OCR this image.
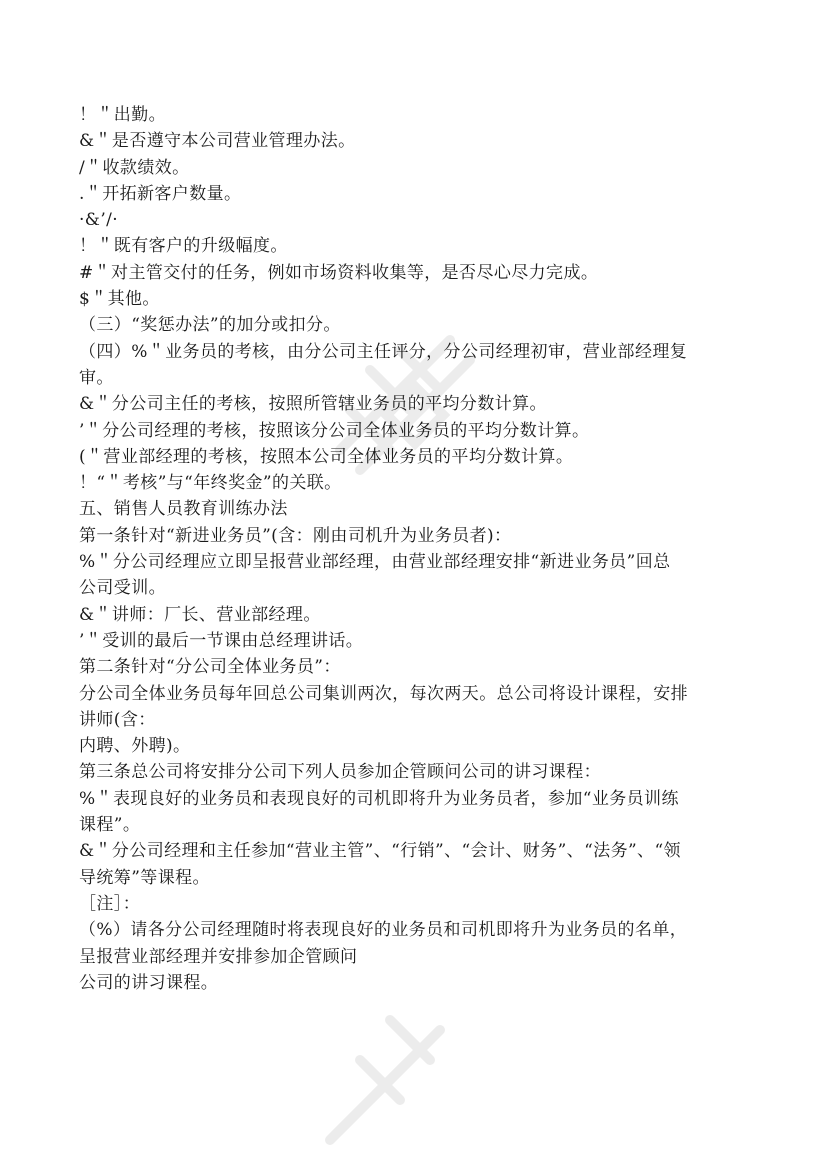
！＂出勤。
&＂是否遵守本公司营业管理办法。
/＂收款绩效。
.＂开拓新客户数量。
·&’/·
！＂既有客户的升级幅度。
#＂对主管交付的任务，例如市场资料收集等，是否尽心尽力完成。
$＂其他。
（三）“奖惩办法”的加分或扣分。
（四）%＂业务员的考核，由分公司主任评分，分公司经理初审，营业部经理复
审。
&＂分公司主任的考核，按照所管辖业务员的平均分数计算。
’＂分公司经理的考核，按照该分公司全体业务员的平均分数计算。
(＂营业部经理的考核，按照本公司全体业务员的平均分数计算。
！“＂考核”与“年终奖金”的关联。
五、销售人员教育训练办法
第一条针对“新进业务员”(含：刚由司机升为业务员者)：
%＂分公司经理应立即呈报营业部经理，由营业部经理安排“新进业务员”回总
公司受训。
&＂讲师：厂长、营业部经理。
’＂受训的最后一节课由总经理讲话。
第二条针对“分公司全体业务员”：
分公司全体业务员每年回总公司集训两次，每次两天。总公司将设计课程，安排
讲师(含：
内聘、外聘)。
第三条总公司将安排分公司下列人员参加企管顾问公司的讲习课程：
%＂表现良好的业务员和表现良好的司机即将升为业务员者，参加“业务员训练
课程”。
&＂分公司经理和主任参加“营业主管”、“行销”、“会计、财务”、“法务”、“领
导统筹”等课程。
［注］：
（%）请各分公司经理随时将表现良好的业务员和司机即将升为业务员的名单，
呈报营业部经理并安排参加企管顾问
公司的讲习课程。
